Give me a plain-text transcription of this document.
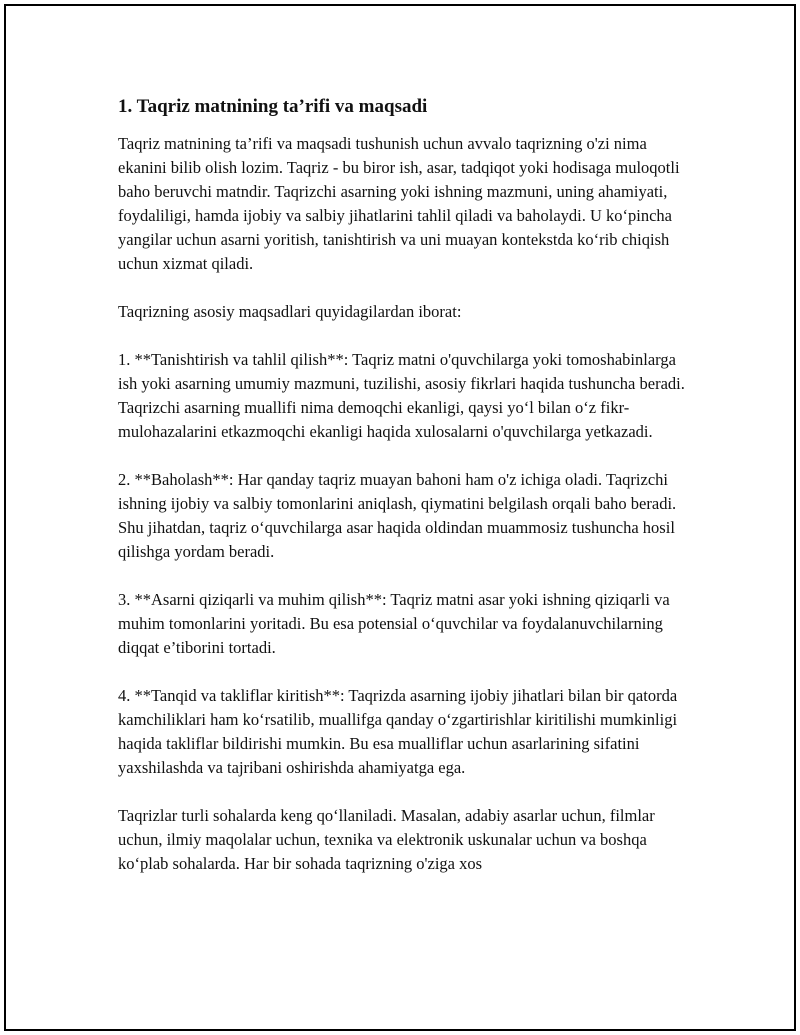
1. Taqriz matnining ta’rifi va maqsadi

Taqriz matnining ta’rifi va maqsadi tushunish uchun avvalo taqrizning o'zi nima ekanini bilib olish lozim. Taqriz - bu biror ish, asar, tadqiqot yoki hodisaga muloqotli baho beruvchi matndir. Taqrizchi asarning yoki ishning mazmuni, uning ahamiyati, foydaliligi, hamda ijobiy va salbiy jihatlarini tahlil qiladi va baholaydi. U ko‘pincha yangilar uchun asarni yoritish, tanishtirish va uni muayan kontekstda ko‘rib chiqish uchun xizmat qiladi.

Taqrizning asosiy maqsadlari quyidagilardan iborat:

1. **Tanishtirish va tahlil qilish**: Taqriz matni o'quvchilarga yoki tomoshabinlarga ish yoki asarning umumiy mazmuni, tuzilishi, asosiy fikrlari haqida tushuncha beradi. Taqrizchi asarning muallifi nima demoqchi ekanligi, qaysi yo‘l bilan o‘z fikr-mulohazalarini etkazmoqchi ekanligi haqida xulosalarni o'quvchilarga yetkazadi.

2. **Baholash**: Har qanday taqriz muayan bahoni ham o'z ichiga oladi. Taqrizchi ishning ijobiy va salbiy tomonlarini aniqlash, qiymatini belgilash orqali baho beradi. Shu jihatdan, taqriz o‘quvchilarga asar haqida oldindan muammosiz tushuncha hosil qilishga yordam beradi.

3. **Asarni qiziqarli va muhim qilish**: Taqriz matni asar yoki ishning qiziqarli va muhim tomonlarini yoritadi. Bu esa potensial o‘quvchilar va foydalanuvchilarning diqqat e’tiborini tortadi.

4. **Tanqid va takliflar kiritish**: Taqrizda asarning ijobiy jihatlari bilan bir qatorda kamchiliklari ham ko‘rsatilib, muallifga qanday o‘zgartirishlar kiritilishi mumkinligi haqida takliflar bildirishi mumkin. Bu esa mualliflar uchun asarlarining sifatini yaxshilashda va tajribani oshirishda ahamiyatga ega.

Taqrizlar turli sohalarda keng qo‘llaniladi. Masalan, adabiy asarlar uchun, filmlar uchun, ilmiy maqolalar uchun, texnika va elektronik uskunalar uchun va boshqa ko‘plab sohalarda. Har bir sohada taqrizning o'ziga xos
